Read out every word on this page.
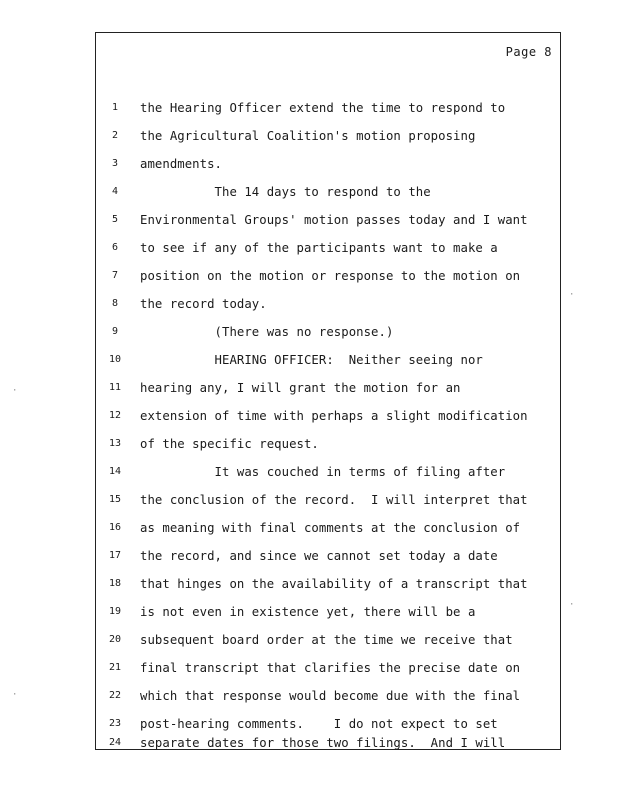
Page 8
1	the Hearing Officer extend the time to respond to
2	the Agricultural Coalition's motion proposing
3	amendments.
4	The 14 days to respond to the
5	Environmental Groups' motion passes today and I want
6	to see if any of the participants want to make a
7	position on the motion or response to the motion on
8	the record today.
9	(There was no response.)
10 HEARING OFFICER:  Neither seeing nor
11 hearing any, I will grant the motion for an
12 extension of time with perhaps a slight modification
13 of the specific request.
14 It was couched in terms of filing after
15 the conclusion of the record.  I will interpret that
16 as meaning with final comments at the conclusion of
17 the record, and since we cannot set today a date
18 that hinges on the availability of a transcript that
19 is not even in existence yet, there will be a
20 subsequent board order at the time we receive that
21 final transcript that clarifies the precise date on
22 which that response would become due with the final
23 post-hearing comments.    I do not expect to set
24 separate dates for those two filings.  And I will
·
·
·
·
